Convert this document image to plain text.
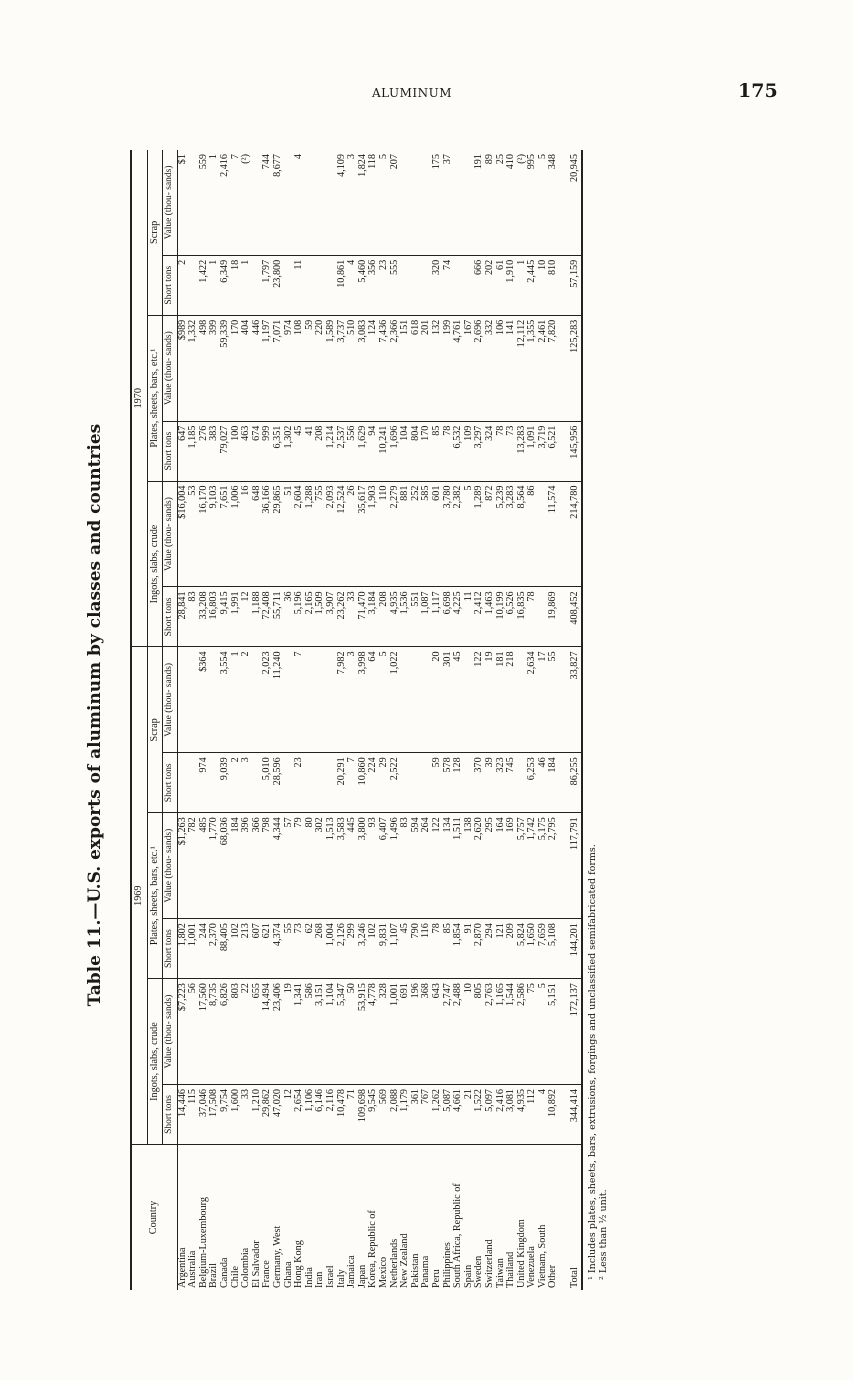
ALUMINUM	175
Table 11.—U.S. exports of aluminum by classes and countries
Country	1969						1970					
	Ingots, slabs, crude		Plates, sheets, bars, etc.¹		Scrap		Ingots, slabs, crude		Plates, sheets, bars, etc.¹		Scrap	
	Short tons	Value (thou- sands)	Short tons	Value (thou- sands)	Short tons	Value (thou- sands)	Short tons	Value (thou- sands)	Short tons	Value (thou- sands)	Short tons	Value (thou- sands)
Argentina	14,446	$7,223	1,802	$1,263			28,841	$16,004	647	$989	2	$1
Australia	115	56	1,001	782			83	53	1,185	1,332		
Belgium-Luxembourg	37,046	17,560	244	485	974	$364	33,208	16,170	276	498	1,422	559
Brazil	17,508	8,735	2,370	1,770			16,803	9,103	383	399	1	1
Canada	9,754	6,826	88,405	68,036	9,039	3,554	9,415	7,651	79,027	59,339	6,349	2,416
Chile	1,600	803	102	184	2	1	1,991	1,006	100	170	18	7
Colombia	33	22	213	396	3	2	12	16	463	404	1	(²)
El Salvador	1,210	655	607	366			1,188	648	674	446		
France	29,862	14,494	621	798	5,010	2,023	72,408	36,166	999	1,197	1,797	744
Germany, West	47,020	23,406	4,374	4,344	28,596	11,240	55,711	29,865	6,351	7,071	23,800	8,677
Ghana	12	19	55	57			36	51	1,302	974		
Hong Kong	2,654	1,341	73	79	23	7	5,196	2,604	45	108	11	4
India	1,106	586	62	80			2,165	1,288	41	59		
Iran	6,146	3,151	268	302			1,509	755	208	220		
Israel	2,116	1,104	1,004	1,513			3,907	2,093	1,214	1,589		
Italy	10,478	5,347	2,126	3,583	20,291	7,982	23,262	12,524	2,537	3,737	10,861	4,109
Jamaica	71	50	299	445	7	3	33	26	556	510	4	3
Japan	109,698	53,915	3,246	3,800	10,860	3,998	71,470	35,617	1,629	3,083	5,460	1,824
Korea, Republic of	9,545	4,778	102	93	224	64	3,184	1,903	94	124	356	118
Mexico	569	328	9,831	6,407	29	5	208	110	10,241	7,436	23	5
Netherlands	2,088	1,001	1,107	1,496	2,522	1,022	4,935	2,279	1,696	2,366	555	207
New Zealand	1,179	691	45	83			1,536	881	104	151		
Pakistan	361	196	790	594			551	252	804	618		
Panama	767	368	116	264			1,087	585	170	201		
Peru	1,262	643	78	122	59	20	1,117	601	85	132	320	175
Philippines	5,087	2,747	85	134	578	301	6,698	3,780	78	199	74	37
South Africa, Republic of	4,661	2,488	1,854	1,511	128	45	4,225	2,382	6,532	4,761		
Spain	21	10	91	138			11	5	109	167		
Sweden	1,522	805	2,870	2,620	370	122	2,412	1,289	3,297	2,696	666	191
Switzerland	5,097	2,763	294	295	39	19	1,463	872	324	332	202	89
Taiwan	2,416	1,165	121	164	323	181	10,199	5,239	78	106	61	25
Thailand	3,081	1,544	209	169	745	218	6,526	3,283	73	141	1,910	410
United Kingdom	4,935	2,586	5,824	5,757			16,835	8,564	13,283	12,112	1	(²)
Venezuela	112	75	1,650	1,742	6,253	2,634	78	86	1,091	1,355	2,445	995
Vietnam, South	4	5	7,659	5,175	46	17			3,719	2,461	10	5
Other	10,892	5,151	5,108	2,795	184	55	19,869	11,574	6,521	7,820	810	348

Total	344,414	172,137	144,201	117,791	86,255	33,827	408,452	214,780	145,956	125,283	57,159	20,945
¹ Includes plates, sheets, bars, extrusions, forgings and unclassified semifabricated forms. ² Less than ½ unit.
